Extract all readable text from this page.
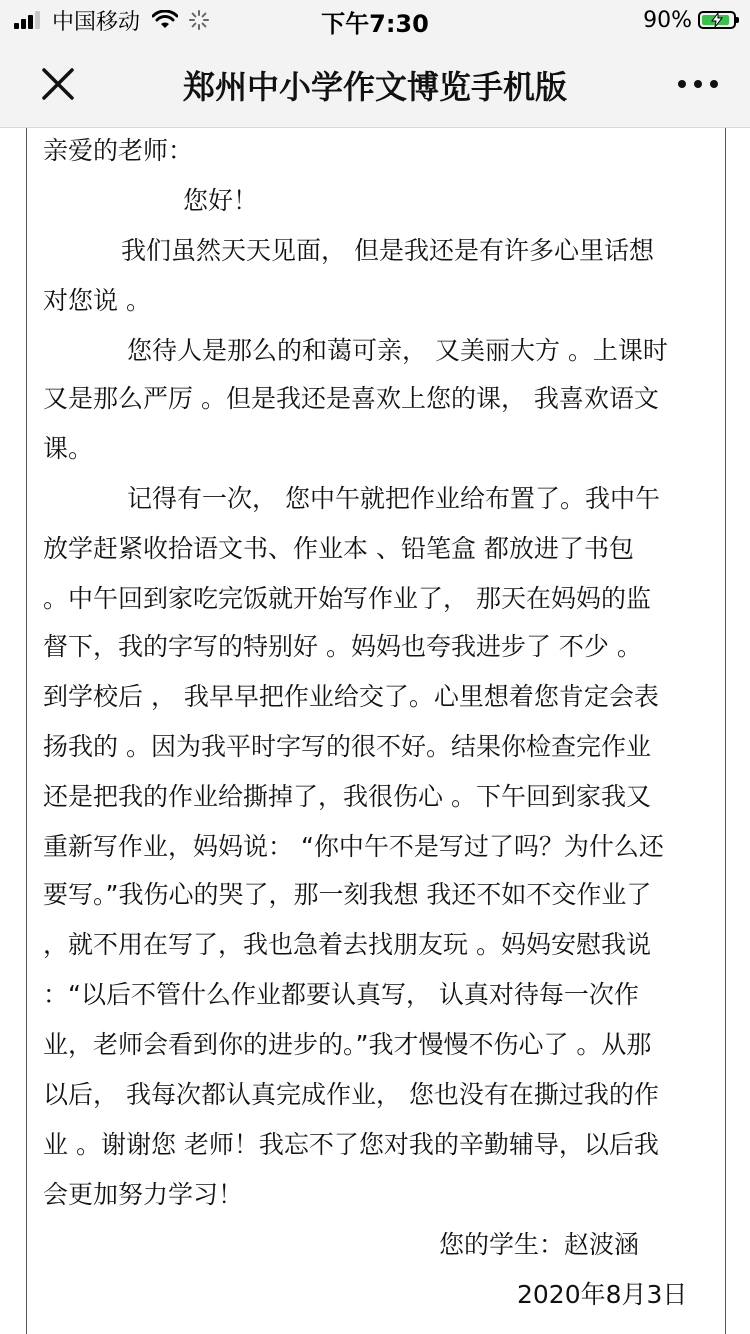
中国移动	下午7:30	90%
郑州中小学作文博览手机版
亲爱的老师：
您好！
我们虽然天天见面， 但是我还是有许多心里话想
对您说 。
您待人是那么的和蔼可亲， 又美丽大方 。上课时
又是那么严厉 。但是我还是喜欢上您的课， 我喜欢语文
课。
记得有一次， 您中午就把作业给布置了。我中午
放学赶紧收拾语文书、作业本 、铅笔盒 都放进了书包
。中午回到家吃完饭就开始写作业了， 那天在妈妈的监
督下，我的字写的特别好 。妈妈也夸我进步了 不少 。
到学校后 ， 我早早把作业给交了。心里想着您肯定会表
扬我的 。因为我平时字写的很不好。结果你检查完作业
还是把我的作业给撕掉了，我很伤心 。下午回到家我又
重新写作业，妈妈说： “你中午不是写过了吗？为什么还
要写。”我伤心的哭了，那一刻我想 我还不如不交作业了
，就不用在写了，我也急着去找朋友玩 。妈妈安慰我说
：“以后不管什么作业都要认真写， 认真对待每一次作
业，老师会看到你的进步的。”我才慢慢不伤心了 。从那
以后， 我每次都认真完成作业， 您也没有在撕过我的作
业 。谢谢您 老师！我忘不了您对我的辛勤辅导，以后我
会更加努力学习！
您的学生：赵波涵
2020年8月3日
